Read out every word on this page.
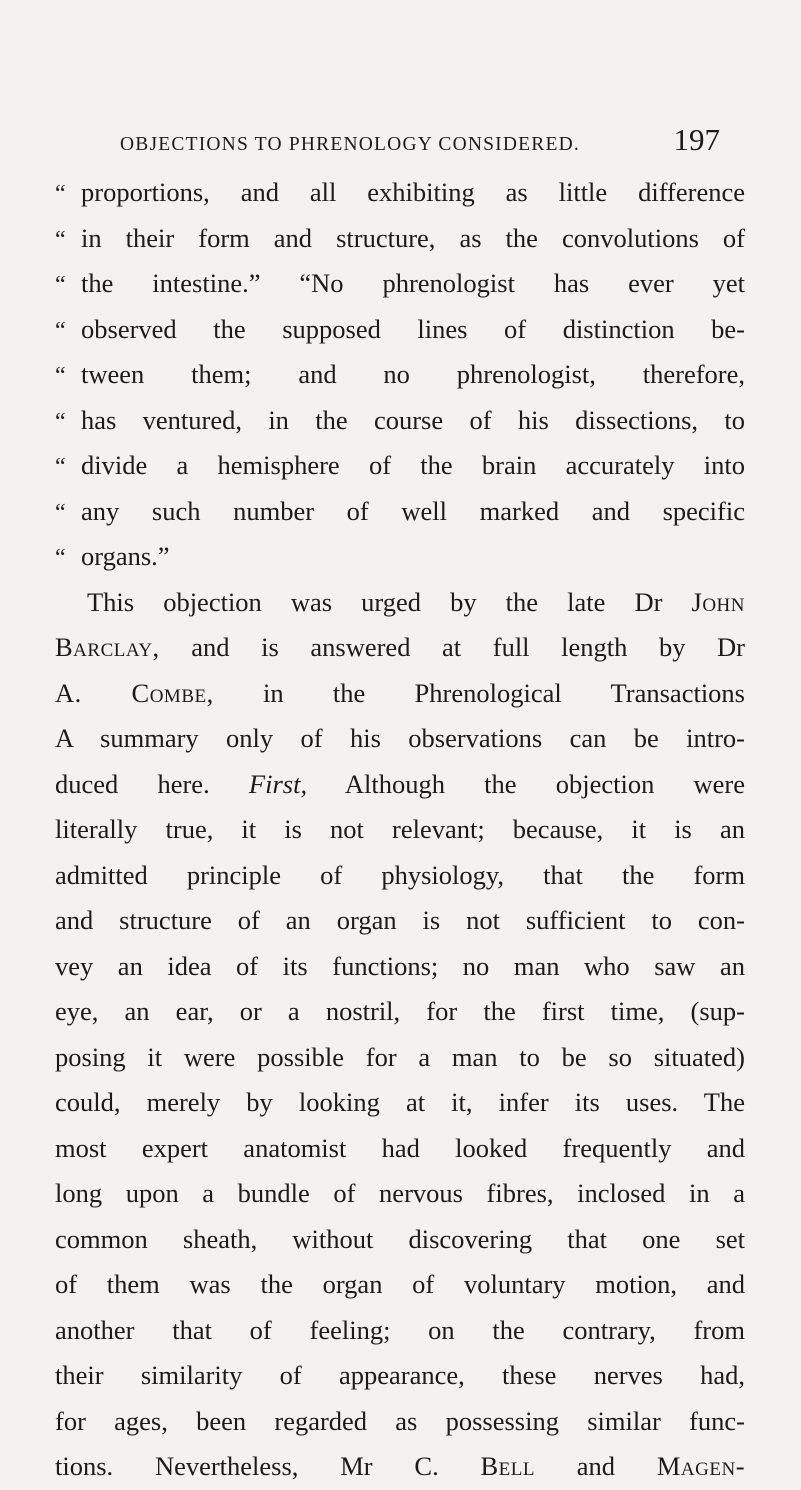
OBJECTIONS TO PHRENOLOGY CONSIDERED.	197
“ proportions, and all exhibiting as little difference
“ in their form and structure, as the convolutions of
“ the intestine.” “No phrenologist has ever yet
“ observed the supposed lines of distinction be-
“ tween them; and no phrenologist, therefore,
“ has ventured, in the course of his dissections, to
“ divide a hemisphere of the brain accurately into
“ any such number of well marked and specific
“ organs.”
This objection was urged by the late Dr John
Barclay, and is answered at full length by Dr
A. Combe, in the Phrenological Transactions
A summary only of his observations can be intro-
duced here. First, Although the objection were
literally true, it is not relevant; because, it is an
admitted principle of physiology, that the form
and structure of an organ is not sufficient to con-
vey an idea of its functions; no man who saw an
eye, an ear, or a nostril, for the first time, (sup-
posing it were possible for a man to be so situated)
could, merely by looking at it, infer its uses. The
most expert anatomist had looked frequently and
long upon a bundle of nervous fibres, inclosed in a
common sheath, without discovering that one set
of them was the organ of voluntary motion, and
another that of feeling; on the contrary, from
their similarity of appearance, these nerves had,
for ages, been regarded as possessing similar func-
tions. Nevertheless, Mr C. Bell and Magen-
